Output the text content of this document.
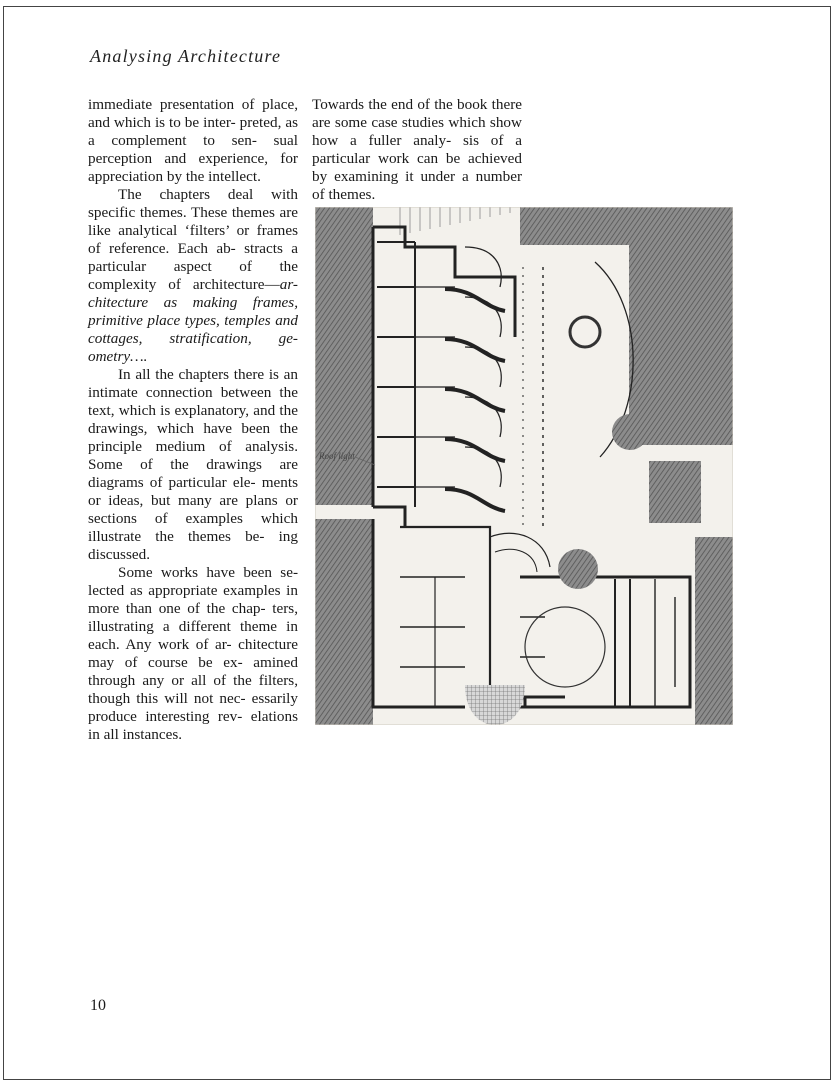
Analysing Architecture

immediate presentation of place, and which is to be inter- preted, as a complement to sen- sual perception and experience, for appreciation by the intellect.

The chapters deal with specific themes. These themes are like analytical ‘filters’ or frames of reference. Each ab- stracts a particular aspect of the complexity of architecture—ar- chitecture as making frames, primitive place types, temples and cottages, stratification, ge- ometry….

In all the chapters there is an intimate connection between the text, which is explanatory, and the drawings, which have been the principle medium of analysis. Some of the drawings are diagrams of particular ele- ments or ideas, but many are plans or sections of examples which illustrate the themes be- ing discussed.

Some works have been se- lected as appropriate examples in more than one of the chap- ters, illustrating a different theme in each. Any work of ar- chitecture may of course be ex- amined through any or all of the filters, though this will not nec- essarily produce interesting rev- elations in all instances.

Towards the end of the book there are some case studies which show how a fuller analy- sis of a particular work can be achieved by examining it under a number of themes.

Roof light
10
